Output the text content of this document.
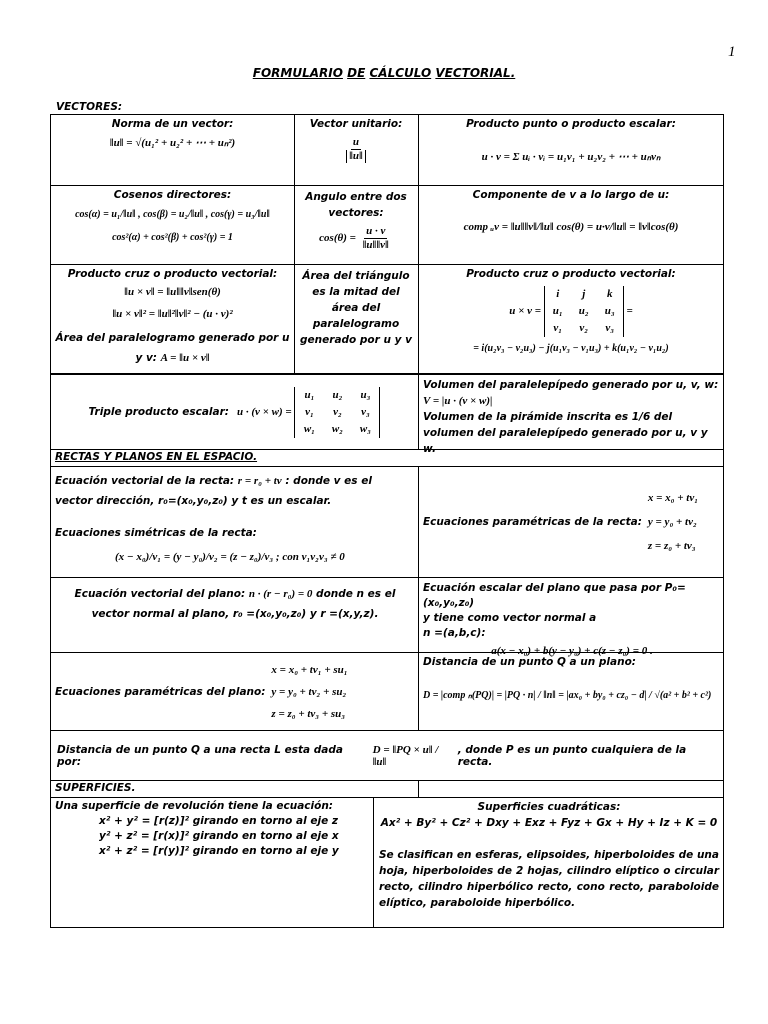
1
FORMULARIO DE CÁLCULO VECTORIAL.
VECTORES:
Norma de un vector:
‖u‖ = √(u₁² + u₂² + ⋯ + uₙ²)
Vector unitario:
$\frac{u}{‖u‖}$
Producto punto o producto escalar:
u · v = Σ uᵢ · vᵢ = u₁v₁ + u₂v₂ + ⋯ + uₙvₙ
Cosenos directores:
cos(α) = u₁/‖u‖ , cos(β) = u₂/‖u‖ , cos(γ) = u₃/‖u‖
cos²(α) + cos²(β) + cos²(γ) = 1
Angulo entre dos vectores:
$\cos(\theta) = \frac{u \cdot v}{‖u‖‖v‖}$
Componente de v a lo largo de u:
comp ᵤv = ‖u‖‖v‖/‖u‖ cos(θ) = u·v/‖u‖ = ‖v‖cos(θ)
Producto cruz o producto vectorial:
‖u × v‖ = ‖u‖‖v‖sen(θ)
‖u × v‖² = ‖u‖²‖v‖² − (u · v)²
Área del paralelogramo generado por u y v: A = ‖u × v‖
Área del triángulo es la mitad del área del paralelogramo generado por u y v
Producto cruz o producto vectorial:
u × v =
i	j	k
u₁	u₂	u₃
v₁	v₂	v₃
=
= i(u₂v₃ − v₂u₃) − j(u₁v₃ − v₁u₃) + k(u₁v₂ − v₁u₂)
Triple producto escalar: u · (v × w) =
u₁	u₂	u₃
v₁	v₂	v₃
w₁	w₂	w₃
Volumen del paralelepípedo generado por u, v, w:
V = |u · (v × w)|
Volumen de la pirámide inscrita es 1/6 del volumen del paralelepípedo generado por u, v y w.
RECTAS Y PLANOS EN EL ESPACIO.
Ecuación vectorial de la recta: r = r₀ + tv : donde v es el
vector dirección, r₀=(x₀,y₀,z₀) y t es un escalar.
Ecuaciones simétricas de la recta:
(x − x₀)/v₁ = (y − y₀)/v₂ = (z − z₀)/v₃ ; con v₁v₂v₃ ≠ 0
Ecuaciones paramétricas de la recta:

x = x₀ + tv₁

y = y₀ + tv₂

z = z₀ + tv₃

Ecuación vectorial del plano: n · (r − r₀) = 0 donde n es el
vector normal al plano, r₀ =(x₀,y₀,z₀) y r =(x,y,z).
Ecuación escalar del plano que pasa por P₀=(x₀,y₀,z₀)
y tiene como vector normal a
n =(a,b,c):
a(x − x₀) + b(y − y₀) + c(z − z₀) = 0 .
Ecuaciones paramétricas del plano:

x = x₀ + tv₁ + su₁

y = y₀ + tv₂ + su₂

z = z₀ + tv₃ + su₃

Distancia de un punto Q a un plano:
D = |comp ₙ(PQ)| = |PQ · n| / ‖n‖ = |ax₀ + by₀ + cz₀ − d| / √(a² + b² + c²)
Distancia de un punto Q a una recta L esta dada por:
D = ‖PQ × u‖ / ‖u‖
, donde P es un punto cualquiera de la recta.
SUPERFICIES.
Una superficie de revolución tiene la ecuación:
x² + y² = [r(z)]² girando en torno al eje z
y² + z² = [r(x)]² girando en torno al eje x
x² + z² = [r(y)]² girando en torno al eje y
Superficies cuadráticas:
Ax² + By² + Cz² + Dxy + Exz + Fyz + Gx + Hy + Iz + K = 0
Se clasifican en esferas, elipsoides, hiperboloides de una hoja, hiperboloides de 2 hojas, cilindro elíptico o circular recto, cilindro hiperbólico recto, cono recto, paraboloide elíptico, paraboloide hiperbólico.
